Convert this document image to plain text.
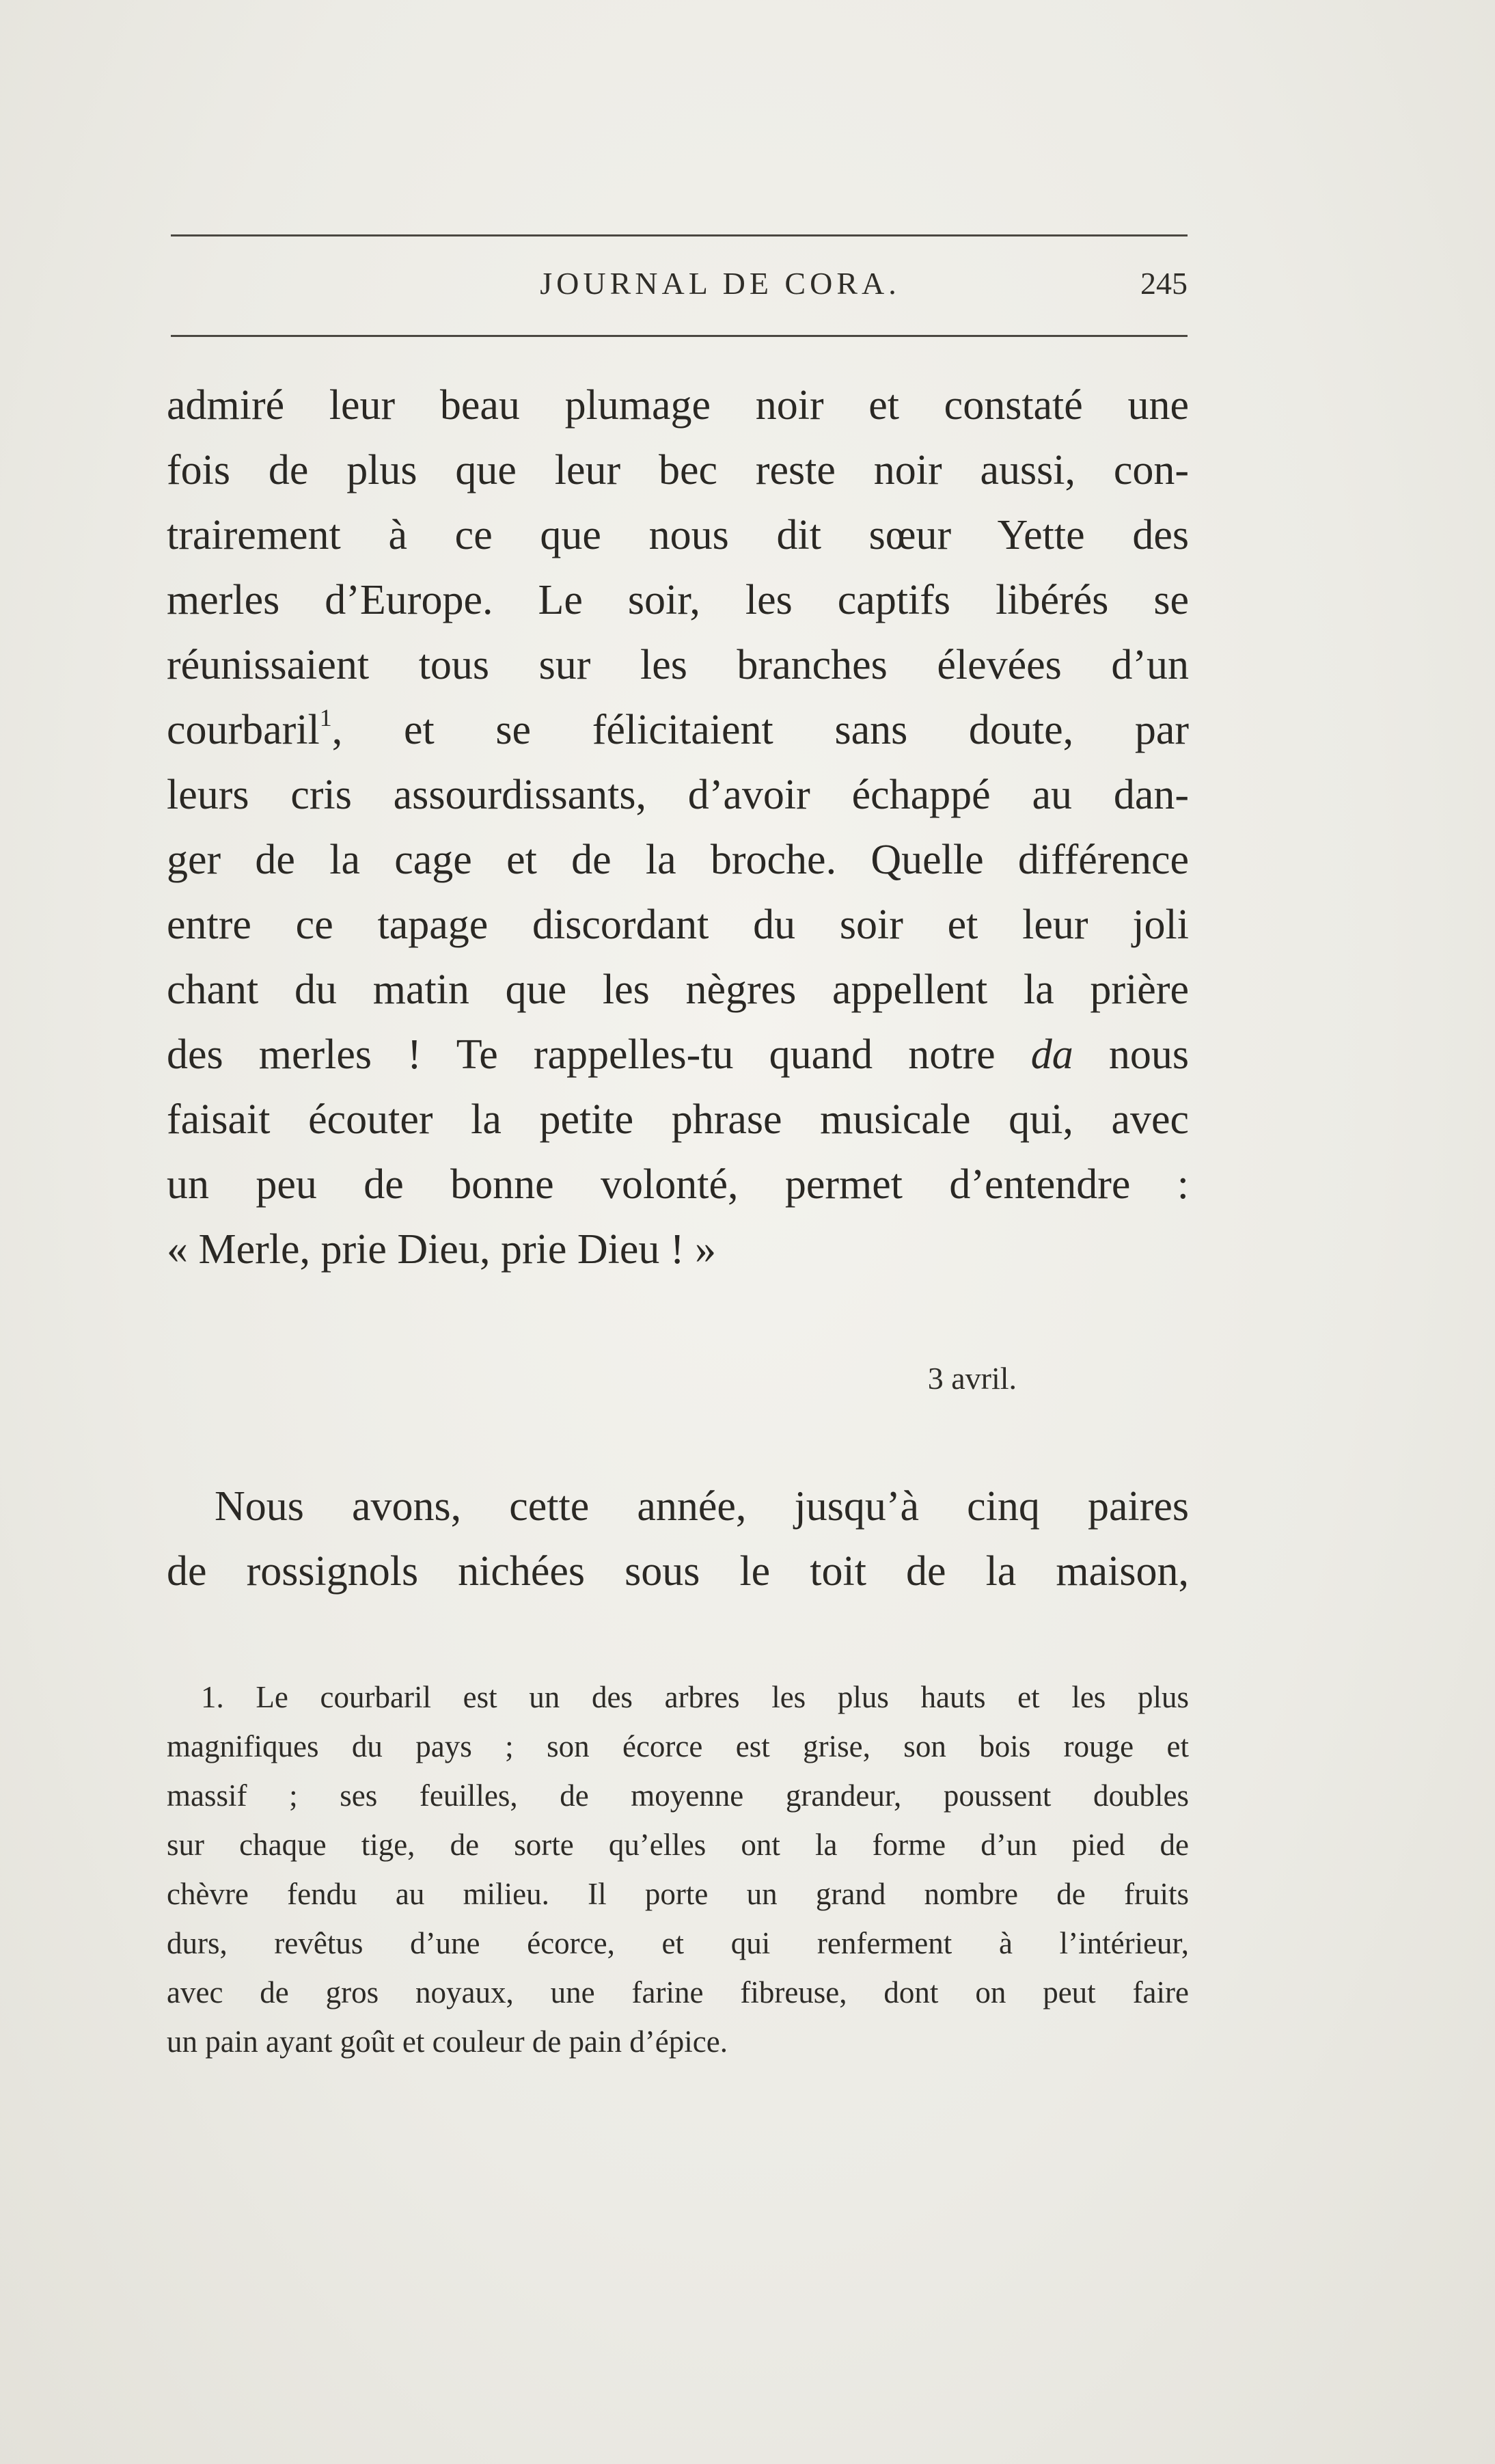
JOURNAL DE CORA.	245
admiré leur beau plumage noir et constaté une
fois de plus que leur bec reste noir aussi, con-
trairement à ce que nous dit sœur Yette des
merles d’Europe. Le soir, les captifs libérés se
réunissaient tous sur les branches élevées d’un
courbaril$^1$, et se félicitaient sans doute, par
leurs cris assourdissants, d’avoir échappé au dan-
ger de la cage et de la broche. Quelle différence
entre ce tapage discordant du soir et leur joli
chant du matin que les nègres appellent la prière
des merles ! Te rappelles-tu quand notre da nous
faisait écouter la petite phrase musicale qui, avec
un peu de bonne volonté, permet d’entendre :
« Merle, prie Dieu, prie Dieu ! »
3 avril.
Nous avons, cette année, jusqu’à cinq paires
de rossignols nichées sous le toit de la maison,
1. Le courbaril est un des arbres les plus hauts et les plus
magnifiques du pays ; son écorce est grise, son bois rouge et
massif ; ses feuilles, de moyenne grandeur, poussent doubles
sur chaque tige, de sorte qu’elles ont la forme d’un pied de
chèvre fendu au milieu. Il porte un grand nombre de fruits
durs, revêtus d’une écorce, et qui renferment à l’intérieur,
avec de gros noyaux, une farine fibreuse, dont on peut faire
un pain ayant goût et couleur de pain d’épice.
